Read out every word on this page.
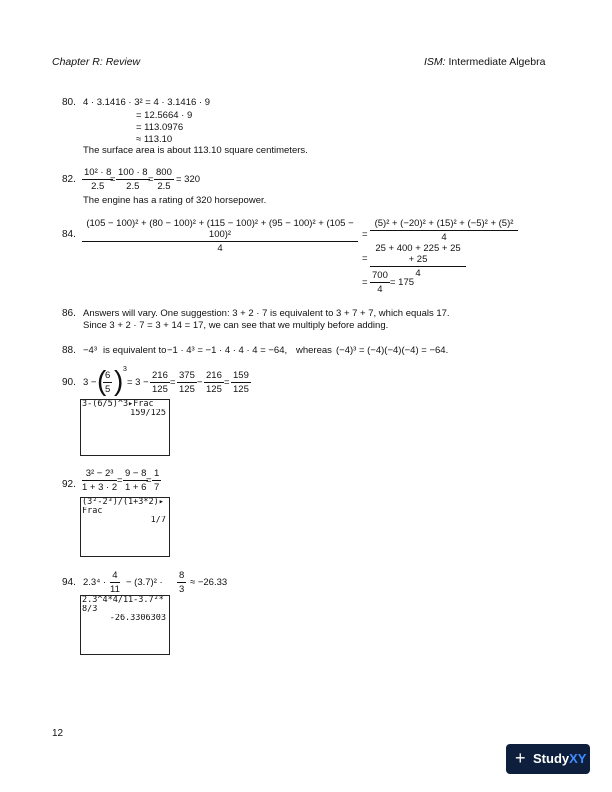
Chapter R: Review	ISM: Intermediate Algebra
80. 4 · 3.1416 · 3² = 4 · 3.1416 · 9
= 12.5664 · 9
= 113.0976
≈ 113.10
The surface area is about 113.10 square centimeters.
82. $\frac{\text{10² · 8}}{2.5}$
= $\frac{100 \cdot 8}{2.5}$
= $\frac{800}{2.5} = 320$
The engine has a rating of 320 horsepower.
84.
(105 − 100)² + (80 − 100)² + (115 − 100)² + (95 − 100)² + (105 − 100)²
4
= $\frac{\text{(5)² + (−20)² + (15)² + (−5)² + (5)²}}{4}$
= $\frac{25 + 400 + 225 + 25 + 25}{4}$
= $\frac{700}{4} = 175$
86. Answers will vary. One suggestion: 3 + 2 · 7 is equivalent to 3 + 7 + 7, which equals 17.
Since 3 + 2 · 7 = 3 + 14 = 17, we can see that we multiply before adding.
88. −4³ is equivalent to −1 · 4³ = −1 · 4 · 4 · 4 = −64, whereas (−4)³ = (−4)(−4)(−4) = −64.
90. 3 − (
$\frac{6}{5}$ ) 3
= $3 - \frac{216}{125} = \frac{375}{125} - \frac{216}{125} = \frac{159}{125}$
3-(6/5)^3▸Frac
159/125
92. $\frac{\text{3² − 2³}}{1 + 3 \cdot 2} = \frac{9 - 8}{1 + 6}$
= $\frac{1}{7}$
(3²-2³)/(1+3*2)▸
Frac
1/7
94. $2.3^4 \cdot \frac{4}{11} - (3.7)^2 \cdot \frac{8}{3} \approx -26.33$
2.3^4*4/11-3.7²*
8/3
-26.3306303
12
+ StudyXY
